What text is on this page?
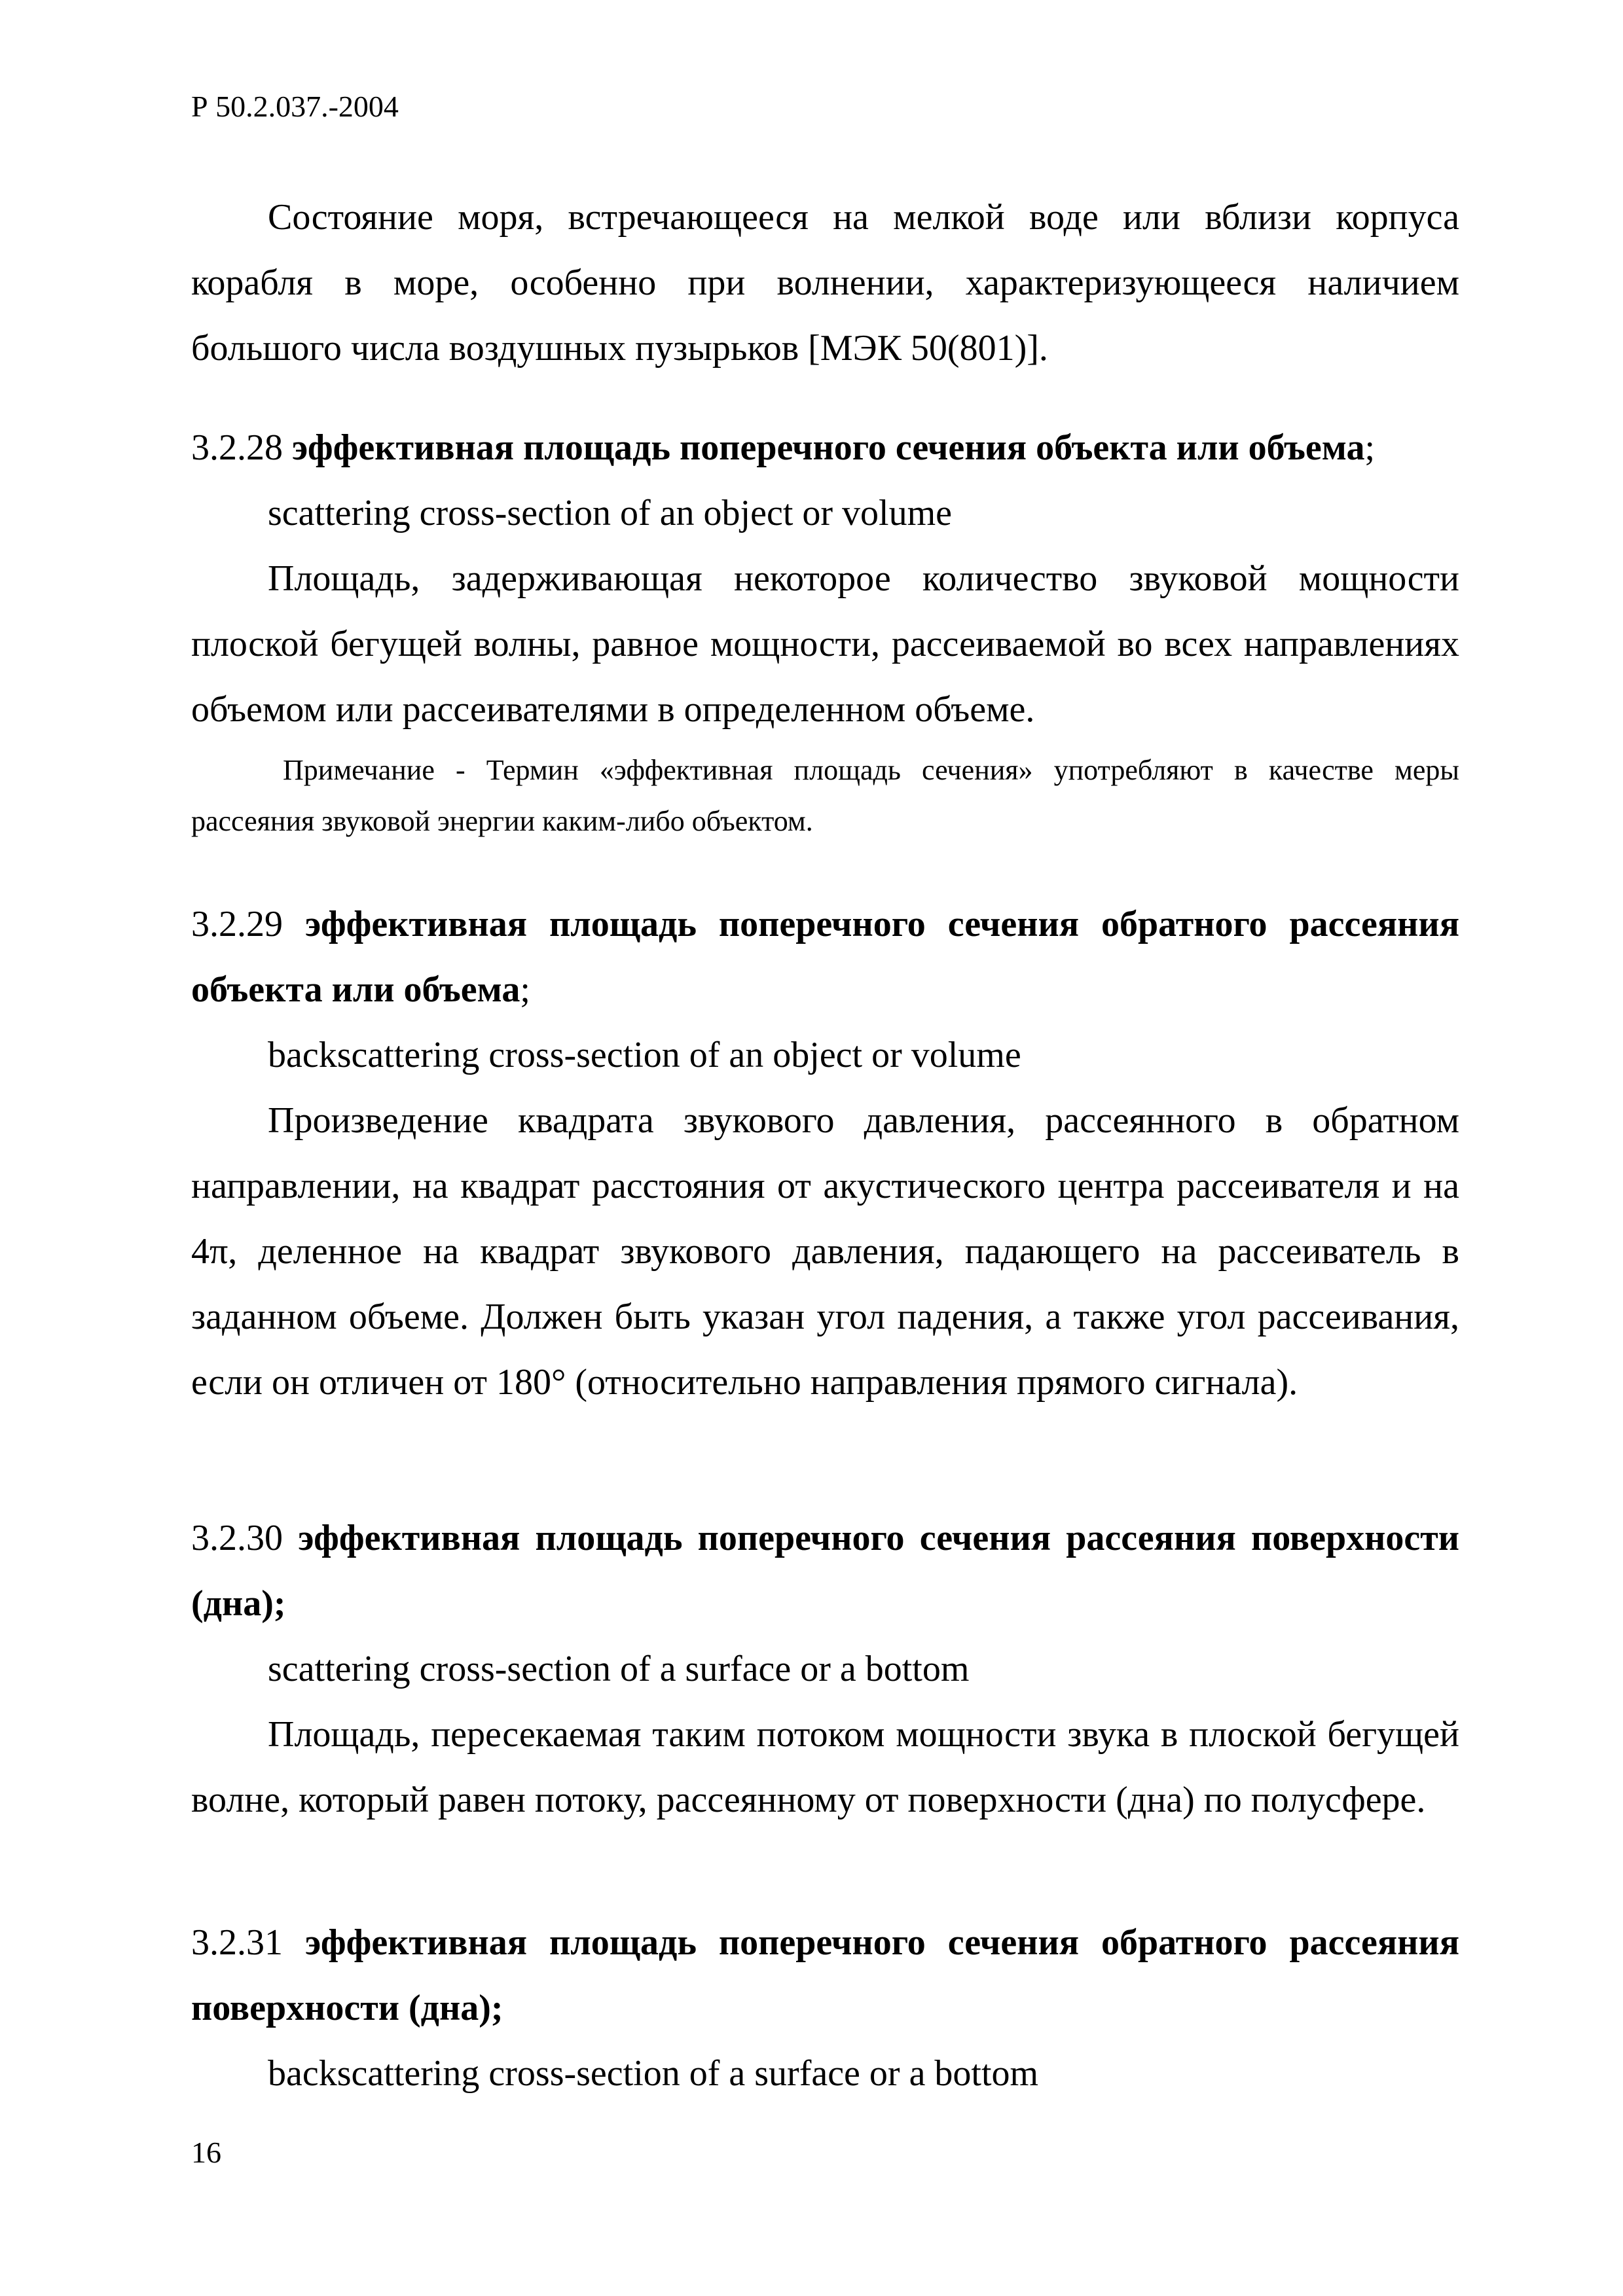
Р 50.2.037.-2004

Состояние моря, встречающееся на мелкой воде или вблизи корпуса корабля в море, особенно при волнении, характеризующееся наличием большого числа воздушных пузырьков [МЭК 50(801)].

3.2.28 эффективная площадь поперечного сечения объекта или объема;

scattering cross-section of an object or volume

Площадь, задерживающая некоторое количество звуковой мощности плоской бегущей волны, равное мощности, рассеиваемой во всех направлениях объемом или рассеивателями в определенном объеме.

Примечание - Термин «эффективная площадь сечения» употребляют в качестве меры рассеяния звуковой энергии каким-либо объектом.

3.2.29 эффективная площадь поперечного сечения обратного рассеяния объекта или объема;

backscattering cross-section of an object or volume

Произведение квадрата звукового давления, рассеянного в обратном направлении, на квадрат расстояния от акустического центра рассеивателя и на 4π, деленное на квадрат звукового давления, падающего на рассеиватель в заданном объеме. Должен быть указан угол падения, а также угол рассеивания, если он отличен от 180° (относительно направления прямого сигнала).

3.2.30 эффективная площадь поперечного сечения рассеяния поверхности (дна);

scattering cross-section of a surface or a bottom

Площадь, пересекаемая таким потоком мощности звука в плоской бегущей волне, который равен потоку, рассеянному от поверхности (дна) по полусфере.

3.2.31 эффективная площадь поперечного сечения обратного рассеяния поверхности (дна);

backscattering cross-section of a surface or a bottom

16
